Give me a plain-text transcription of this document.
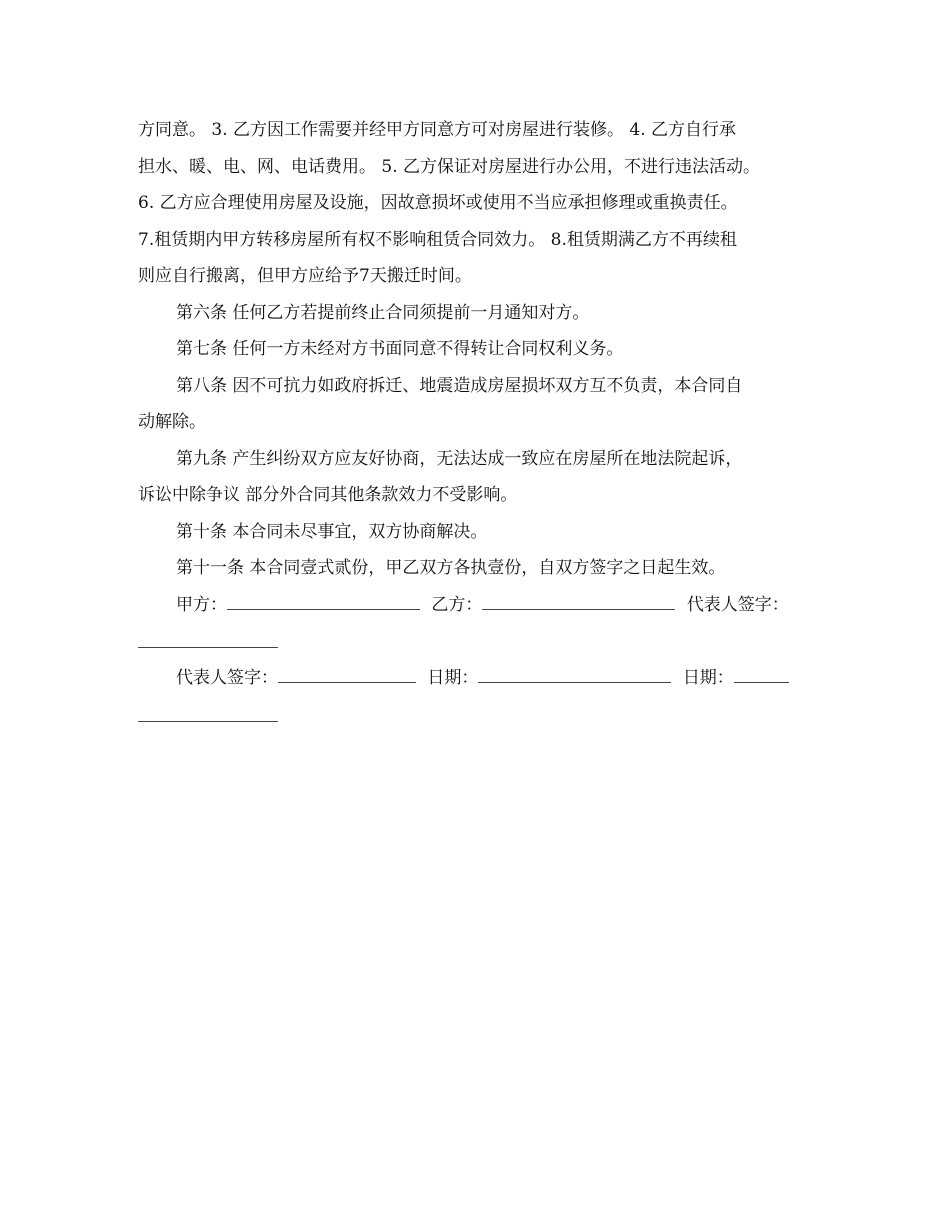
方同意。 3. 乙方因工作需要并经甲方同意方可对房屋进行装修。 4. 乙方自行承
担水、暖、电、网、电话费用。 5. 乙方保证对房屋进行办公用，不进行违法活动。
6. 乙方应合理使用房屋及设施，因故意损坏或使用不当应承担修理或重换责任。
7.租赁期内甲方转移房屋所有权不影响租赁合同效力。 8.租赁期满乙方不再续租
则应自行搬离，但甲方应给予7天搬迁时间。

第六条 任何乙方若提前终止合同须提前一月通知对方。

第七条 任何一方未经对方书面同意不得转让合同权利义务。

第八条 因不可抗力如政府拆迁、地震造成房屋损坏双方互不负责，本合同自
动解除。

第九条 产生纠纷双方应友好协商，无法达成一致应在房屋所在地法院起诉，
诉讼中除争议 部分外合同其他条款效力不受影响。

第十条 本合同未尽事宜，双方协商解决。

第十一条 本合同壹式贰份，甲乙双方各执壹份，自双方签字之日起生效。

甲方：	乙方：	代表人签字：

代表人签字：	日期：	日期：
